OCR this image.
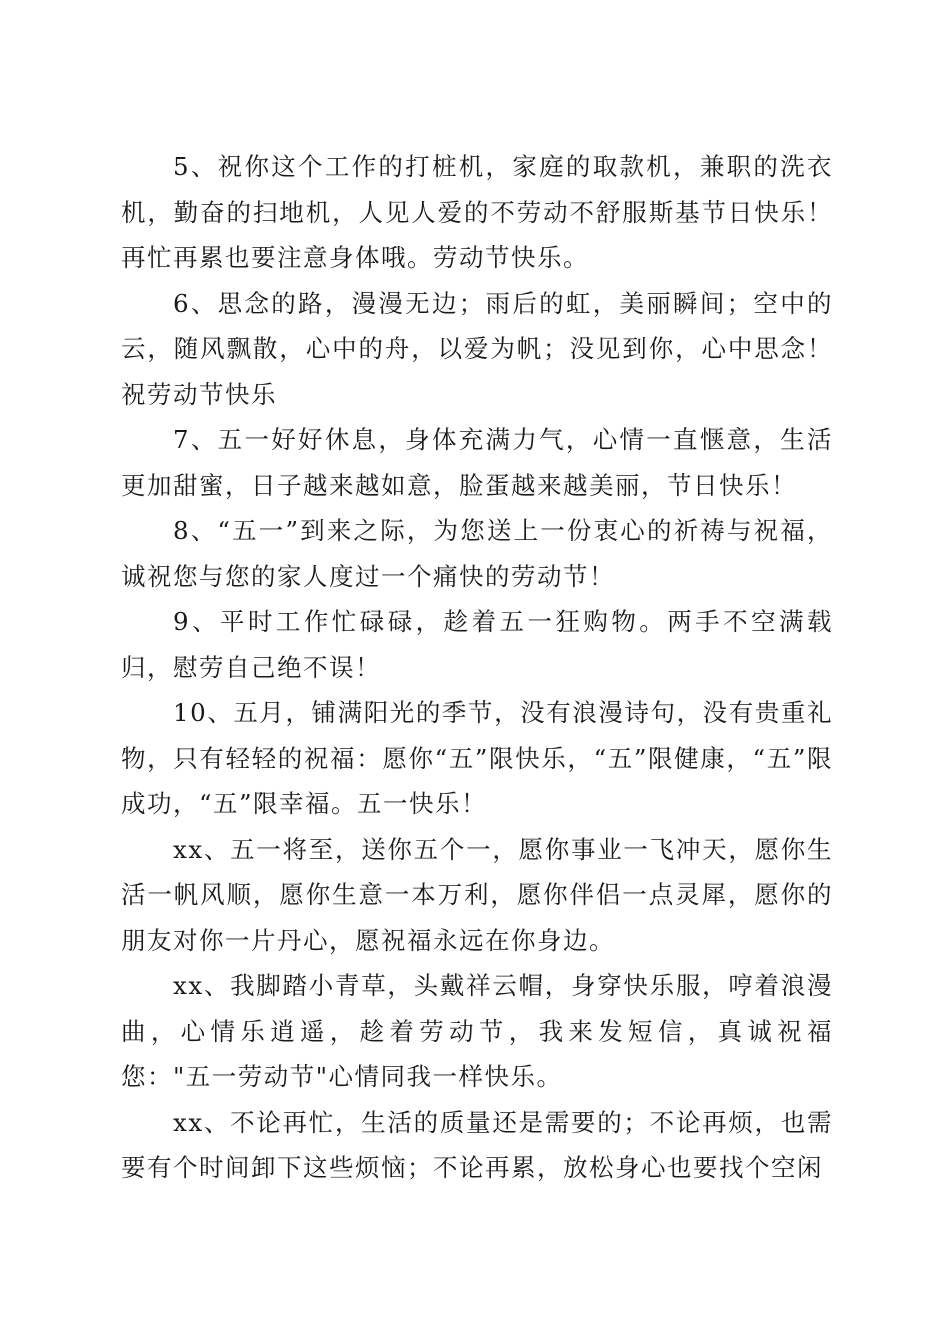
5、祝你这个工作的打桩机，家庭的取款机，兼职的洗衣机，勤奋的扫地机，人见人爱的不劳动不舒服斯基节日快乐！再忙再累也要注意身体哦。劳动节快乐。

6、思念的路，漫漫无边；雨后的虹，美丽瞬间；空中的云，随风飘散，心中的舟，以爱为帆；没见到你，心中思念！祝劳动节快乐

7、五一好好休息，身体充满力气，心情一直惬意，生活更加甜蜜，日子越来越如意，脸蛋越来越美丽，节日快乐！

8、“五一”到来之际，为您送上一份衷心的祈祷与祝福，诚祝您与您的家人度过一个痛快的劳动节！

9、平时工作忙碌碌，趁着五一狂购物。两手不空满载归，慰劳自己绝不误！

10、五月，铺满阳光的季节，没有浪漫诗句，没有贵重礼物，只有轻轻的祝福：愿你“五”限快乐，“五”限健康，“五”限成功，“五”限幸福。五一快乐！

xx、五一将至，送你五个一，愿你事业一飞冲天，愿你生活一帆风顺，愿你生意一本万利，愿你伴侣一点灵犀，愿你的朋友对你一片丹心，愿祝福永远在你身边。

xx、我脚踏小青草，头戴祥云帽，身穿快乐服，哼着浪漫曲，心情乐逍遥，趁着劳动节，我来发短信，真诚祝福您："五一劳动节"心情同我一样快乐。

xx、不论再忙，生活的质量还是需要的；不论再烦，也需要有个时间卸下这些烦恼；不论再累，放松身心也要找个空闲
